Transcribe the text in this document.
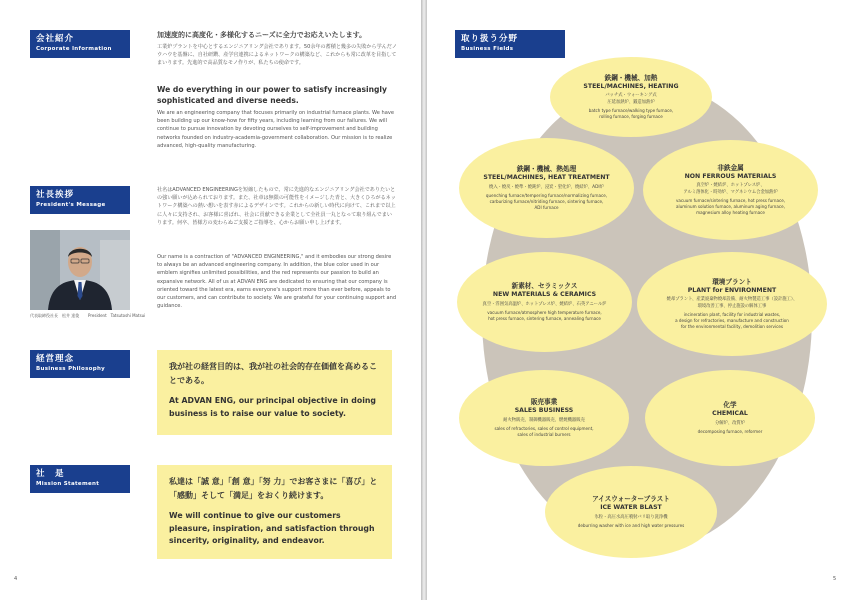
会社紹介
Corporate Information
加速度的に高度化・多様化するニーズに全力でお応えいたします。
工業炉プラントを中心とするエンジニアリング会社であります。50余年の蓄積と幾多の失敗から学んだノウハウを基盤に、自社研鑽、産学官連携によるネットワークの構築など、これからも常に改革を目指してまいります。先進的で高品質なモノ作りが、私たちの使命です。
We do everything in our power to satisfy increasingly sophisticated and diverse needs.
We are an engineering company that focuses primarily on industrial furnace plants. We have been building up our know-how for fifty years, including learning from our failures. We will continue to pursue innovation by devoting ourselves to self-improvement and building networks founded on industry-academia-government collaboration. Our mission is to realize advanced, high-quality manufacturing.
社長挨拶
President's Message
社名はADVANCED ENGINEERINGを短縮したもので、常に先進的なエンジニアリング会社でありたいとの強い願いが込められております。また、社章は無限の可能性をイメージした青と、大きくひろがるネットワーク構築への熱い想いを表す赤によるデザインです。これからの新しい時代に向けて、これまで以上に人々に支持され、お客様に喜ばれ、社会に貢献できる企業として全社員一丸となって取り組んでまいります。何卒、皆様方の変わらぬご支援とご指導を、心からお願い申し上げます。
Our name is a contraction of "ADVANCED ENGINEERING," and it embodies our strong desire to always be an advanced engineering company. In addition, the blue color used in our emblem signifies unlimited possibilities, and the red represents our passion to build an expansive network. All of us at ADVAN ENG are dedicated to ensuring that our company is oriented toward the latest era, earns everyone's support more than ever before, appeals to our customers, and can contribute to society. We are grateful for your continuing support and guidance.
代表取締役社長　松井 達俊 President　Tatsutoshi Matsui
経営理念
Business Philosophy	我が社の経営目的は、我が社の社会的存在価値を高めることである。
At ADVAN ENG, our principal objective in doing business is to raise our value to society.
社　是
Mission Statement	私達は「誠 意」「創 意」「努 力」でお客さまに「喜び」と「感動」そして「満足」をおくり続けます。
We will continue to give our customers pleasure, inspiration, and satisfaction through sincerity, originality, and endeavor.
4
取り扱う分野
Business Fields
鉄鋼・機械、加熱
STEEL/MACHINES, HEATING
バッチ式・ウォーキング式
圧延加熱炉、鍛造加熱炉
batch type furnace/walking type furnace,
rolling furnace, forging furnace
鉄鋼・機械、熱処理
STEEL/MACHINES, HEAT TREATMENT
焼入・焼戻・焼準・焼鈍炉、浸炭・窒化炉、焼結炉、ADI炉
quenching furnace/tempering furnace/normalizing furnace,
carburizing furnace/nitriding furnace, sintering furnace,
ADI furnace
非鉄金属
NON FERROUS MATERIALS
真空炉・焼結炉、ホットプレス炉、
アルミ溶体化・時効炉、マグネシウム合金加熱炉
vacuum furnace/sintering furnace, hot press furnace,
aluminum solution furnace, aluminum aging furnace,
magnesium alloy heating furnace
新素材、セラミックス
NEW MATERIALS & CERAMICS
真空・雰囲気高温炉、ホットプレス炉、焼結炉、石英アニール炉
vacuum furnace/atmosphere high temperature furnace,
hot press furnace, sintering furnace, annealing furnace
環境プラント
PLANT for ENVIRONMENT
焼却プラント、産業廃棄物焼却設備、耐火物製造工事（設計施工）、
環境改善工事、停止施設の解体工事
incineration plant, facility for industrial wastes,
a design for refractories, manufacture and construction
for the environmental facility, demolition services
販売事業
SALES BUSINESS
耐火物販売、制御機器販売、燃焼機器販売
sales of refractories, sales of control equipment,
sales of industrial burners
化学
CHEMICAL
分解炉、改質炉
decomposing furnace, reformer
アイスウォーターブラスト
ICE WATER BLAST
氷粒・高圧水高圧噴射バリ取り洗浄機
deburring washer with ice and high water pressures
5
